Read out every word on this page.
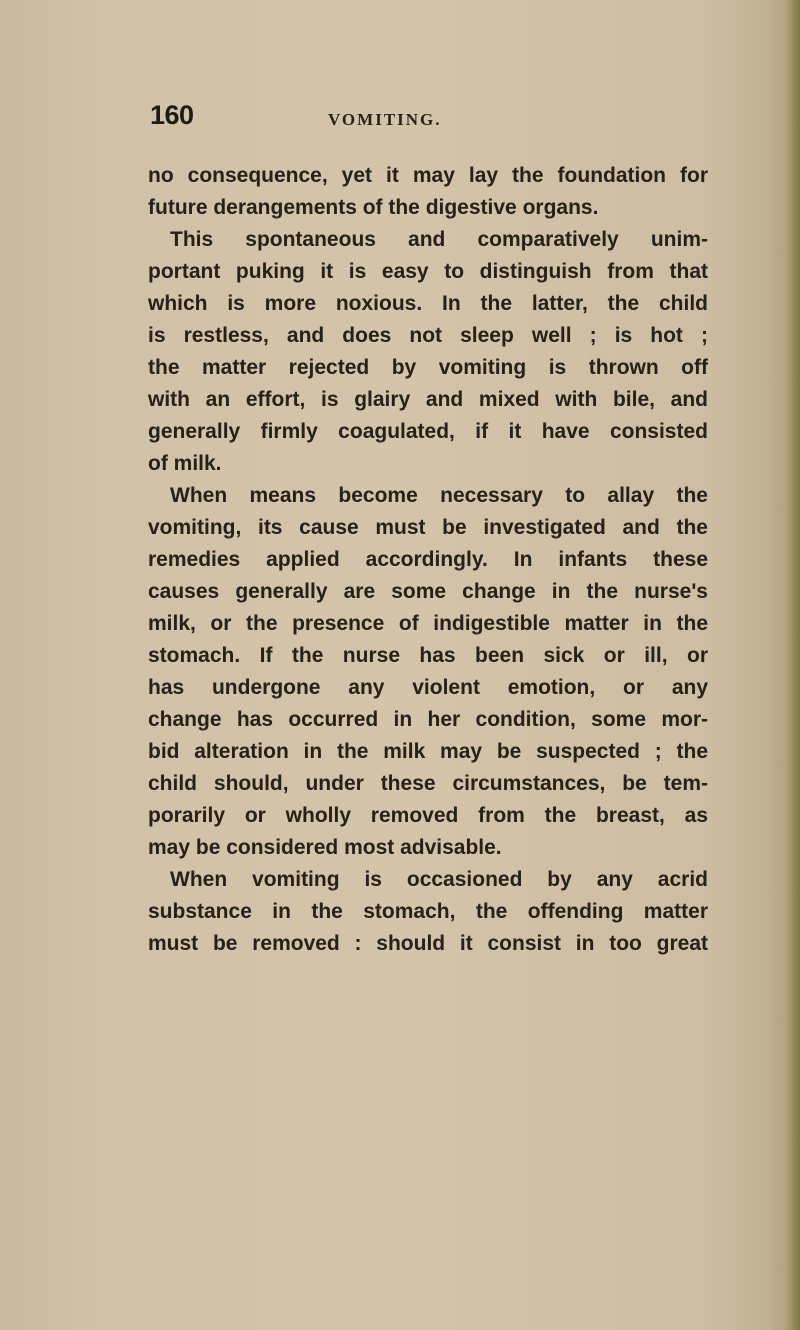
160	VOMITING.
no consequence, yet it may lay the foundation for
future derangements of the digestive organs.
This spontaneous and comparatively unim-
portant puking it is easy to distinguish from that
which is more noxious. In the latter, the child
is restless, and does not sleep well ; is hot ;
the matter rejected by vomiting is thrown off
with an effort, is glairy and mixed with bile, and
generally firmly coagulated, if it have consisted
of milk.
When means become necessary to allay the
vomiting, its cause must be investigated and the
remedies applied accordingly. In infants these
causes generally are some change in the nurse's
milk, or the presence of indigestible matter in the
stomach. If the nurse has been sick or ill, or
has undergone any violent emotion, or any
change has occurred in her condition, some mor-
bid alteration in the milk may be suspected ; the
child should, under these circumstances, be tem-
porarily or wholly removed from the breast, as
may be considered most advisable.
When vomiting is occasioned by any acrid
substance in the stomach, the offending matter
must be removed : should it consist in too great
